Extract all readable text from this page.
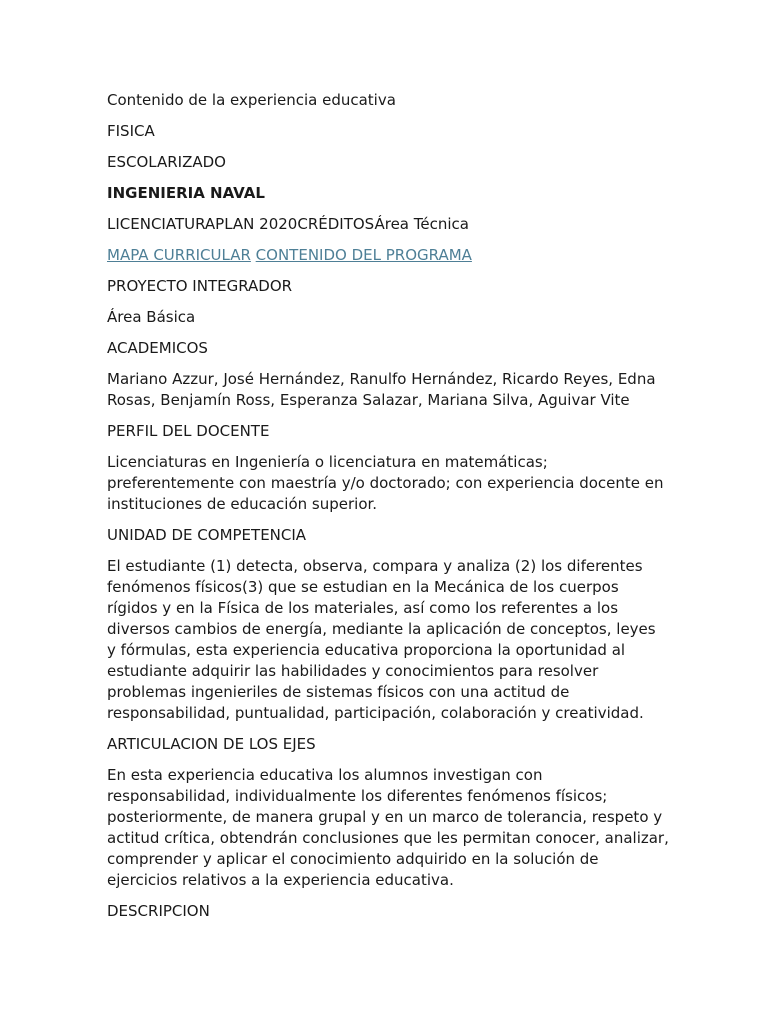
Contenido de la experiencia educativa

FISICA

ESCOLARIZADO

INGENIERIA NAVAL

LICENCIATURAPLAN 2020CRÉDITOSÁrea Técnica

MAPA CURRICULAR CONTENIDO DEL PROGRAMA

PROYECTO INTEGRADOR

Área Básica

ACADEMICOS

Mariano Azzur, José Hernández, Ranulfo Hernández, Ricardo Reyes, Edna Rosas, Benjamín Ross, Esperanza Salazar, Mariana Silva, Aguivar Vite

PERFIL DEL DOCENTE

Licenciaturas en Ingeniería o licenciatura en matemáticas; preferentemente con maestría y/o doctorado; con experiencia docente en instituciones de educación superior.

UNIDAD DE COMPETENCIA

El estudiante (1) detecta, observa, compara y analiza (2) los diferentes fenómenos físicos(3) que se estudian en la Mecánica de los cuerpos rígidos y en la Física de los materiales, así como los referentes a los diversos cambios de energía, mediante la aplicación de conceptos, leyes y fórmulas, esta experiencia educativa proporciona la oportunidad al estudiante adquirir las habilidades y conocimientos para resolver problemas ingenieriles de sistemas físicos con una actitud de responsabilidad, puntualidad, participación, colaboración y creatividad.

ARTICULACION DE LOS EJES

En esta experiencia educativa los alumnos investigan con responsabilidad, individualmente los diferentes fenómenos físicos; posteriormente, de manera grupal y en un marco de tolerancia, respeto y actitud crítica, obtendrán conclusiones que les permitan conocer, analizar, comprender y aplicar el conocimiento adquirido en la solución de ejercicios relativos a la experiencia educativa.

DESCRIPCION
